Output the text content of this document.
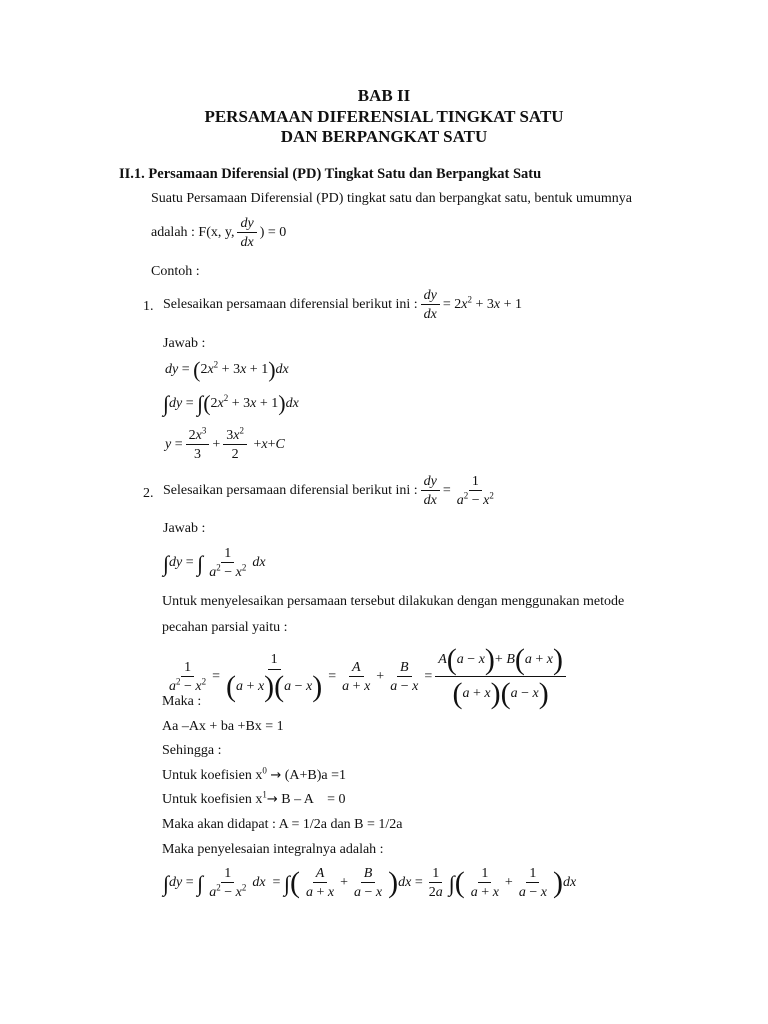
BAB II
PERSAMAAN DIFERENSIAL TINGKAT SATU
DAN BERPANGKAT SATU
II.1. Persamaan Diferensial (PD) Tingkat Satu dan Berpangkat Satu
Suatu Persamaan Diferensial (PD) tingkat satu dan berpangkat satu, bentuk umumnya
adalah : F(x, y, $\frac{dy}{dx}$ ) = 0
Contoh :
1. Selesaikan persamaan diferensial berikut ini : $\frac{dy}{dx} = 2x^2 + 3x + 1$
Jawab :
dy = $(2x^2 + 3x + 1)dx$
$\int dy = \int(2x^2 + 3x + 1)dx$
$y = \frac{2x^3}{3} + \frac{3x^2}{2} + x + C$
2. Selesaikan persamaan diferensial berikut ini : $\frac{dy}{dx} = \frac{1}{a^2 - x^2}$
Jawab :
∫ dy = ∫ $\frac{1}{a^2 - x^2}$ dx
Untuk menyelesaikan persamaan tersebut dilakukan dengan menggunakan metode
pecahan parsial yaitu :
$\frac{1}{a^2 - x^2} = \frac{1}{(a + x)(a - x)} = \frac{A}{a + x} + \frac{B}{a - x} = \frac{A(a - x)+ B(a + x)}{(a + x)(a - x)}$
Maka :
Aa –Ax + ba +Bx = 1
Sehingga :
Untuk koefisien $x^0 \to (A+B)a =1$
Untuk koefisien $x^1\to B - A$    = 0
Maka akan didapat : A = 1/2a dan B = 1/2a
Maka penyelesaian integralnya adalah :
∫ dy = ∫ $\frac{1}{a^2 - x^2}$ dx = ∫ ( $\frac{A}{a + x} + \frac{B}{a - x}$ ) dx = $\frac{1}{2a}$ ∫ ( $\frac{1}{a + x} + \frac{1}{a - x}$ ) dx
